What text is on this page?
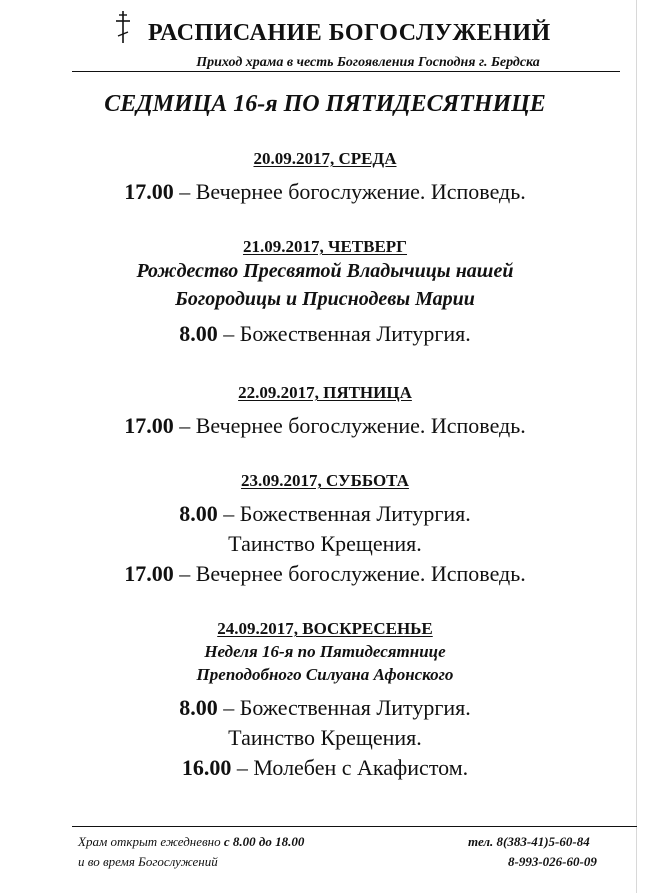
РАСПИСАНИЕ БОГОСЛУЖЕНИЙ
Приход храма в честь Богоявления Господня г. Бердска
СЕДМИЦА 16-я ПО ПЯТИДЕСЯТНИЦЕ
20.09.2017, СРЕДА
17.00 – Вечернее богослужение. Исповедь.
21.09.2017, ЧЕТВЕРГ
Рождество Пресвятой Владычицы нашей
Богородицы и Приснодевы Марии
8.00 – Божественная Литургия.
22.09.2017, ПЯТНИЦА
17.00 – Вечернее богослужение. Исповедь.
23.09.2017, СУББОТА
8.00 – Божественная Литургия.
Таинство Крещения.
17.00 – Вечернее богослужение. Исповедь.
24.09.2017, ВОСКРЕСЕНЬЕ
Неделя 16-я по Пятидесятнице
Преподобного Силуана Афонского
8.00 – Божественная Литургия.
Таинство Крещения.
16.00 – Молебен с Акафистом.
Храм открыт ежедневно с 8.00 до 18.00
и во время Богослужений
тел. 8(383-41)5-60-84
8-993-026-60-09
